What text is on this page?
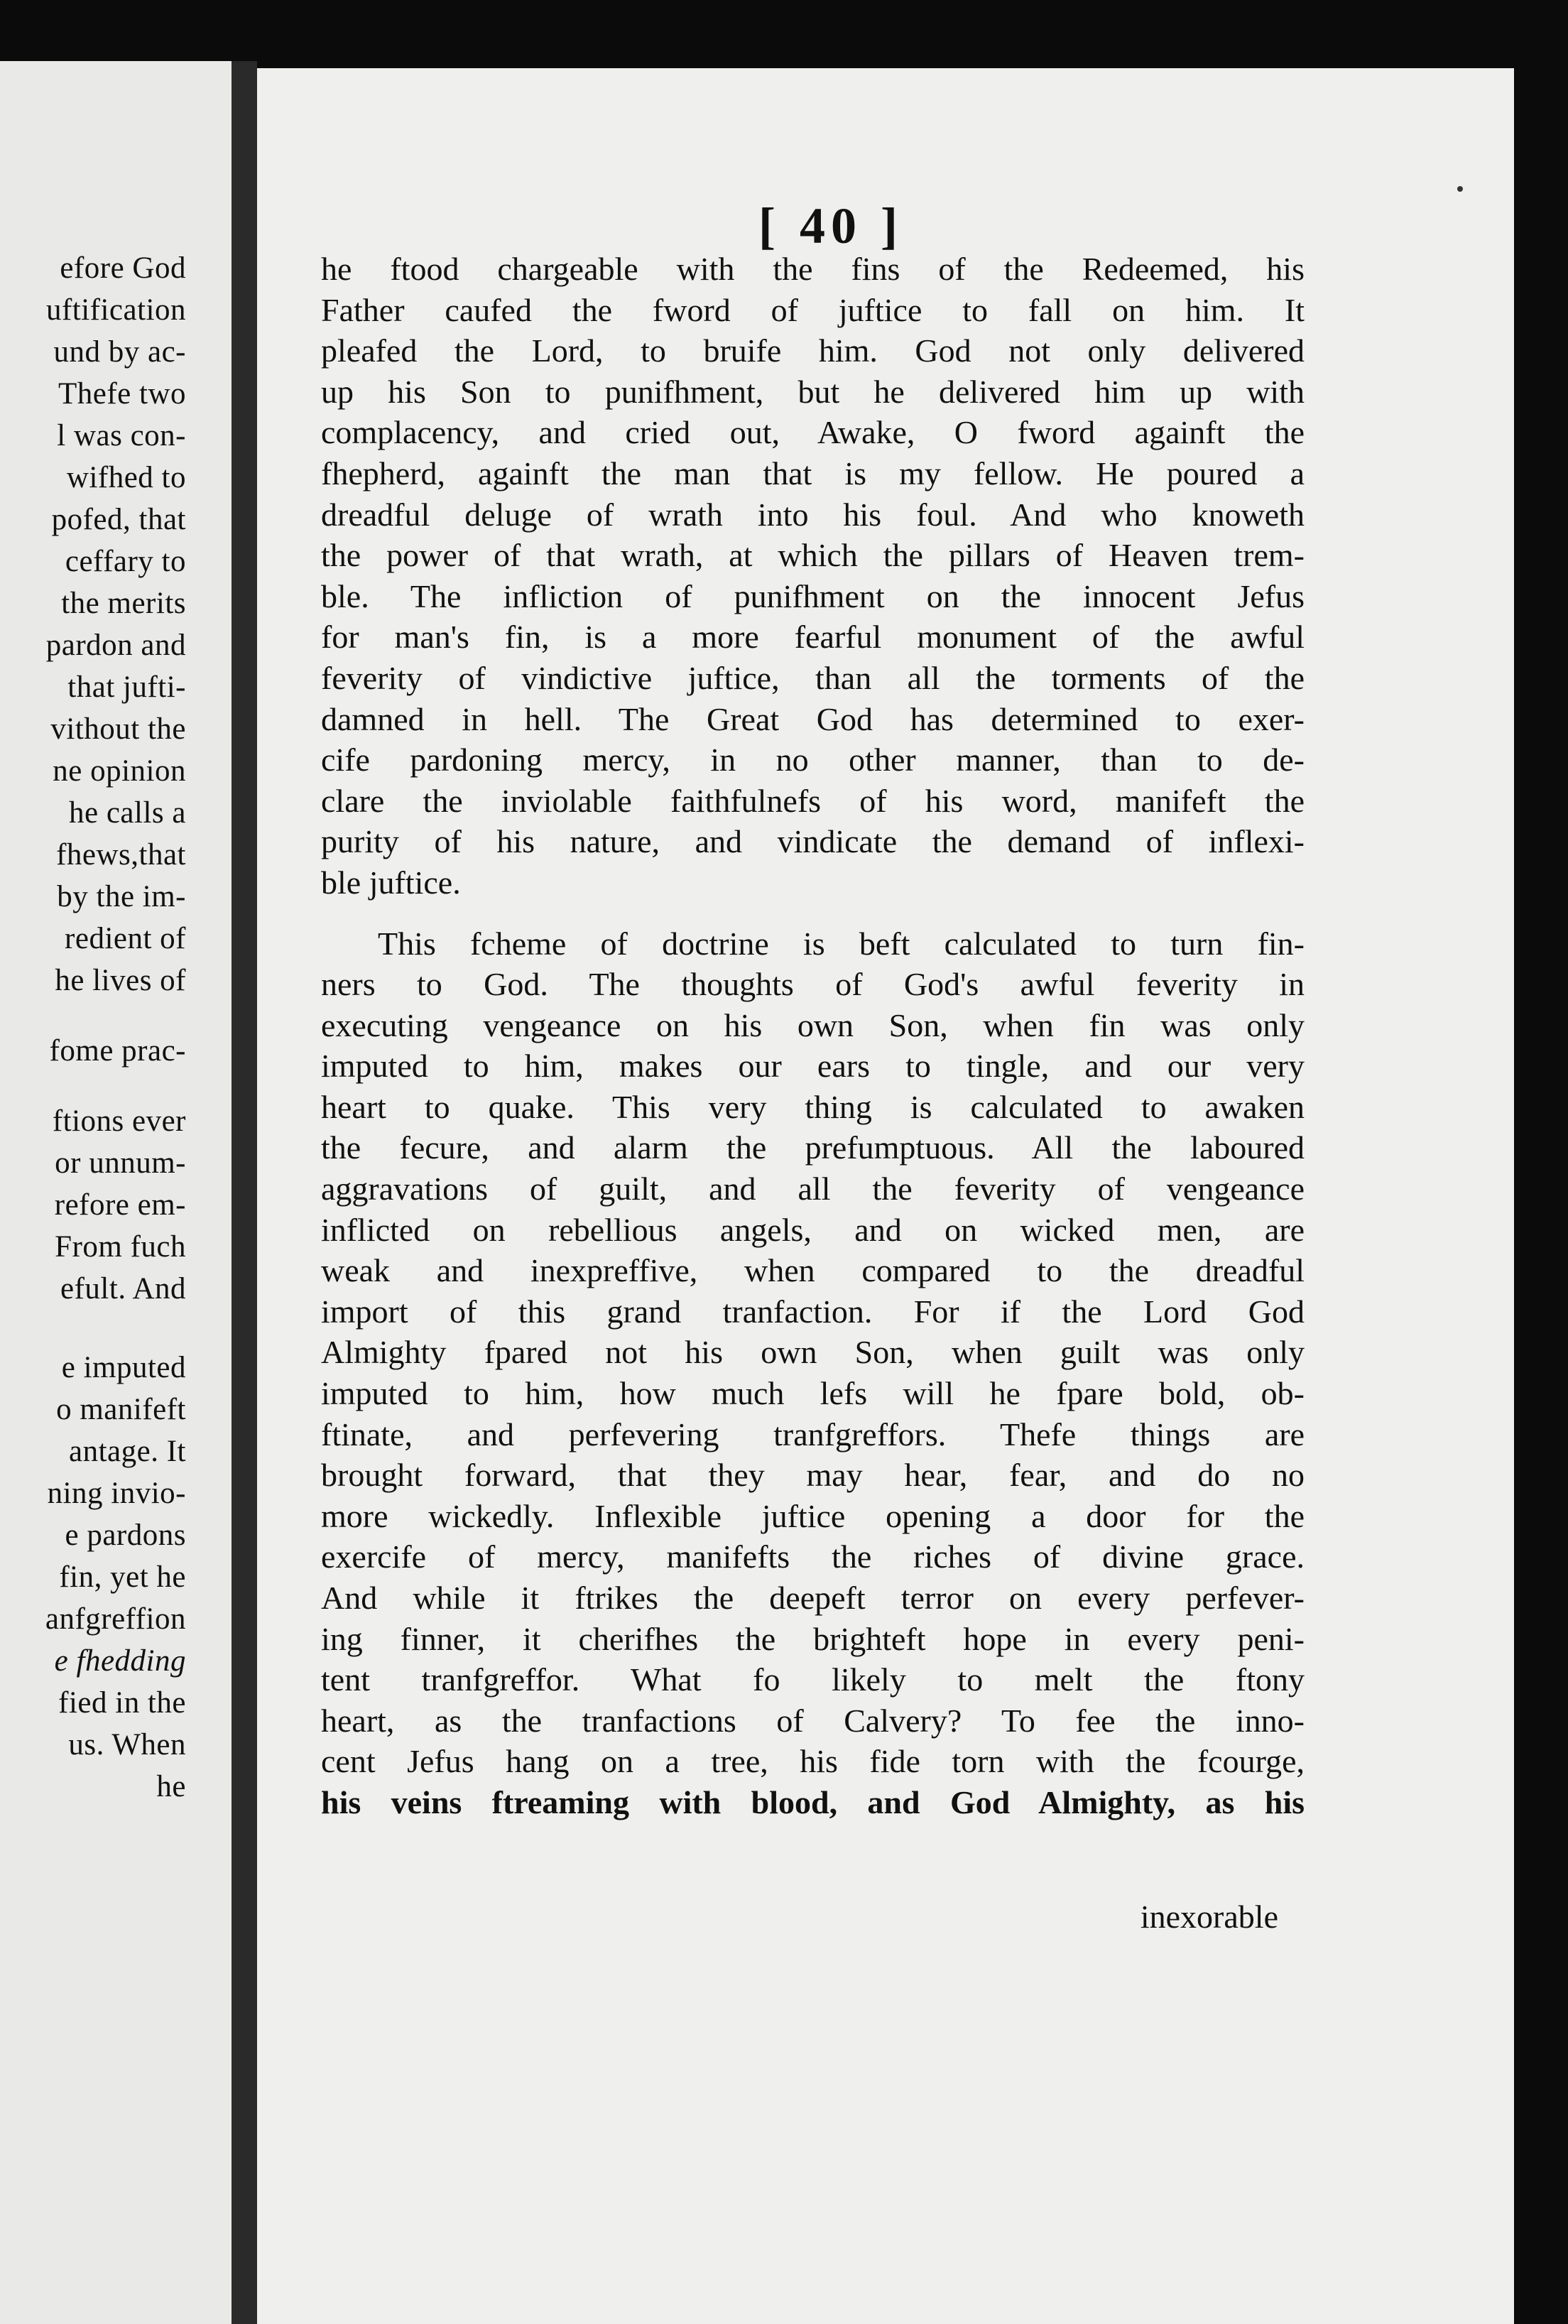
efore God
uftification
und by ac-
Thefe two
l was con-
wifhed to
pofed, that
ceffary to
the merits
pardon and
that jufti-
vithout the
ne opinion
he calls a
fhews,that
by the im-
redient of
he lives of
fome prac-
ftions ever
or unnum-
refore em-
From fuch
efult. And
e imputed
o manifeft
antage. It
ning invio-
e pardons
fin, yet he
anfgreffion
e fhedding
fied in the
us. When
he
[ 40 ]
he ftood chargeable with the fins of the Redeemed, his
Father caufed the fword of juftice to fall on him. It
pleafed the Lord, to bruife him. God not only delivered
up his Son to punifhment, but he delivered him up with
complacency, and cried out, Awake, O fword againft the
fhepherd, againft the man that is my fellow. He poured a
dreadful deluge of wrath into his foul. And who knoweth
the power of that wrath, at which the pillars of Heaven trem-
ble. The infliction of punifhment on the innocent Jefus
for man's fin, is a more fearful monument of the awful
feverity of vindictive juftice, than all the torments of the
damned in hell. The Great God has determined to exer-
cife pardoning mercy, in no other manner, than to de-
clare the inviolable faithfulnefs of his word, manifeft the
purity of his nature, and vindicate the demand of inflexi-
ble juftice.
This fcheme of doctrine is beft calculated to turn fin-
ners to God. The thoughts of God's awful feverity in
executing vengeance on his own Son, when fin was only
imputed to him, makes our ears to tingle, and our very
heart to quake. This very thing is calculated to awaken
the fecure, and alarm the prefumptuous. All the laboured
aggravations of guilt, and all the feverity of vengeance
inflicted on rebellious angels, and on wicked men, are
weak and inexpreffive, when compared to the dreadful
import of this grand tranfaction. For if the Lord God
Almighty fpared not his own Son, when guilt was only
imputed to him, how much lefs will he fpare bold, ob-
ftinate, and perfevering tranfgreffors. Thefe things are
brought forward, that they may hear, fear, and do no
more wickedly. Inflexible juftice opening a door for the
exercife of mercy, manifefts the riches of divine grace.
And while it ftrikes the deepeft terror on every perfever-
ing finner, it cherifhes the brighteft hope in every peni-
tent tranfgreffor. What fo likely to melt the ftony
heart, as the tranfactions of Calvery? To fee the inno-
cent Jefus hang on a tree, his fide torn with the fcourge,
his veins ftreaming with blood, and God Almighty, as his
inexorable
